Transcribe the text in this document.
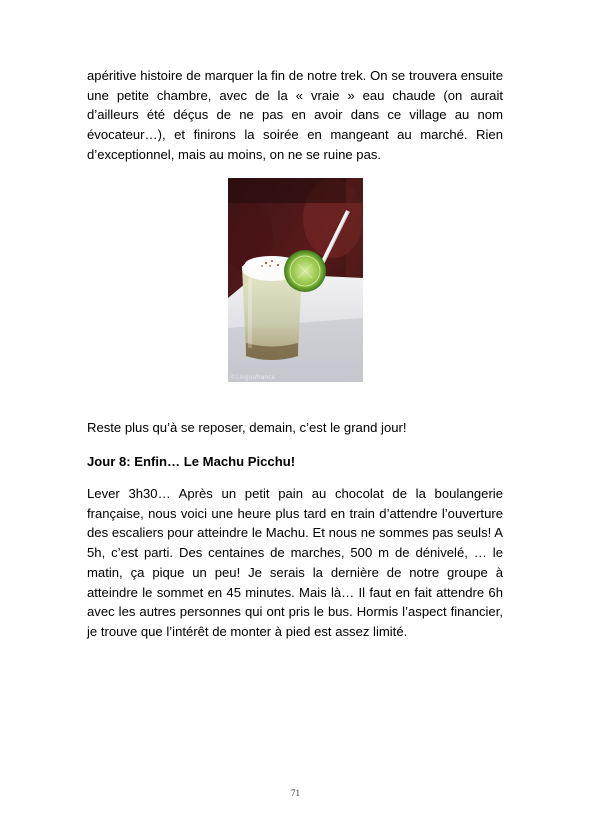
apéritive histoire de marquer la fin de notre trek. On se trouvera ensuite une petite chambre, avec de la « vraie » eau chaude (on aurait d’ailleurs été déçus de ne pas en avoir dans ce village au nom évocateur…), et finirons la soirée en mangeant au marché. Rien d’exceptionnel, mais au moins, on ne se ruine pas.

©Linguafrance

Reste plus qu’à se reposer, demain, c’est le grand jour!

Jour 8: Enfin… Le Machu Picchu!

Lever 3h30… Après un petit pain au chocolat de la boulangerie française, nous voici une heure plus tard en train d’attendre l’ouverture des escaliers pour atteindre le Machu. Et nous ne sommes pas seuls! A 5h, c’est parti. Des centaines de marches, 500 m de dénivelé, … le matin, ça pique un peu! Je serais la dernière de notre groupe à atteindre le sommet en 45 minutes. Mais là… Il faut en fait attendre 6h avec les autres personnes qui ont pris le bus. Hormis l’aspect financier, je trouve que l’intérêt de monter à pied est assez limité.

71
